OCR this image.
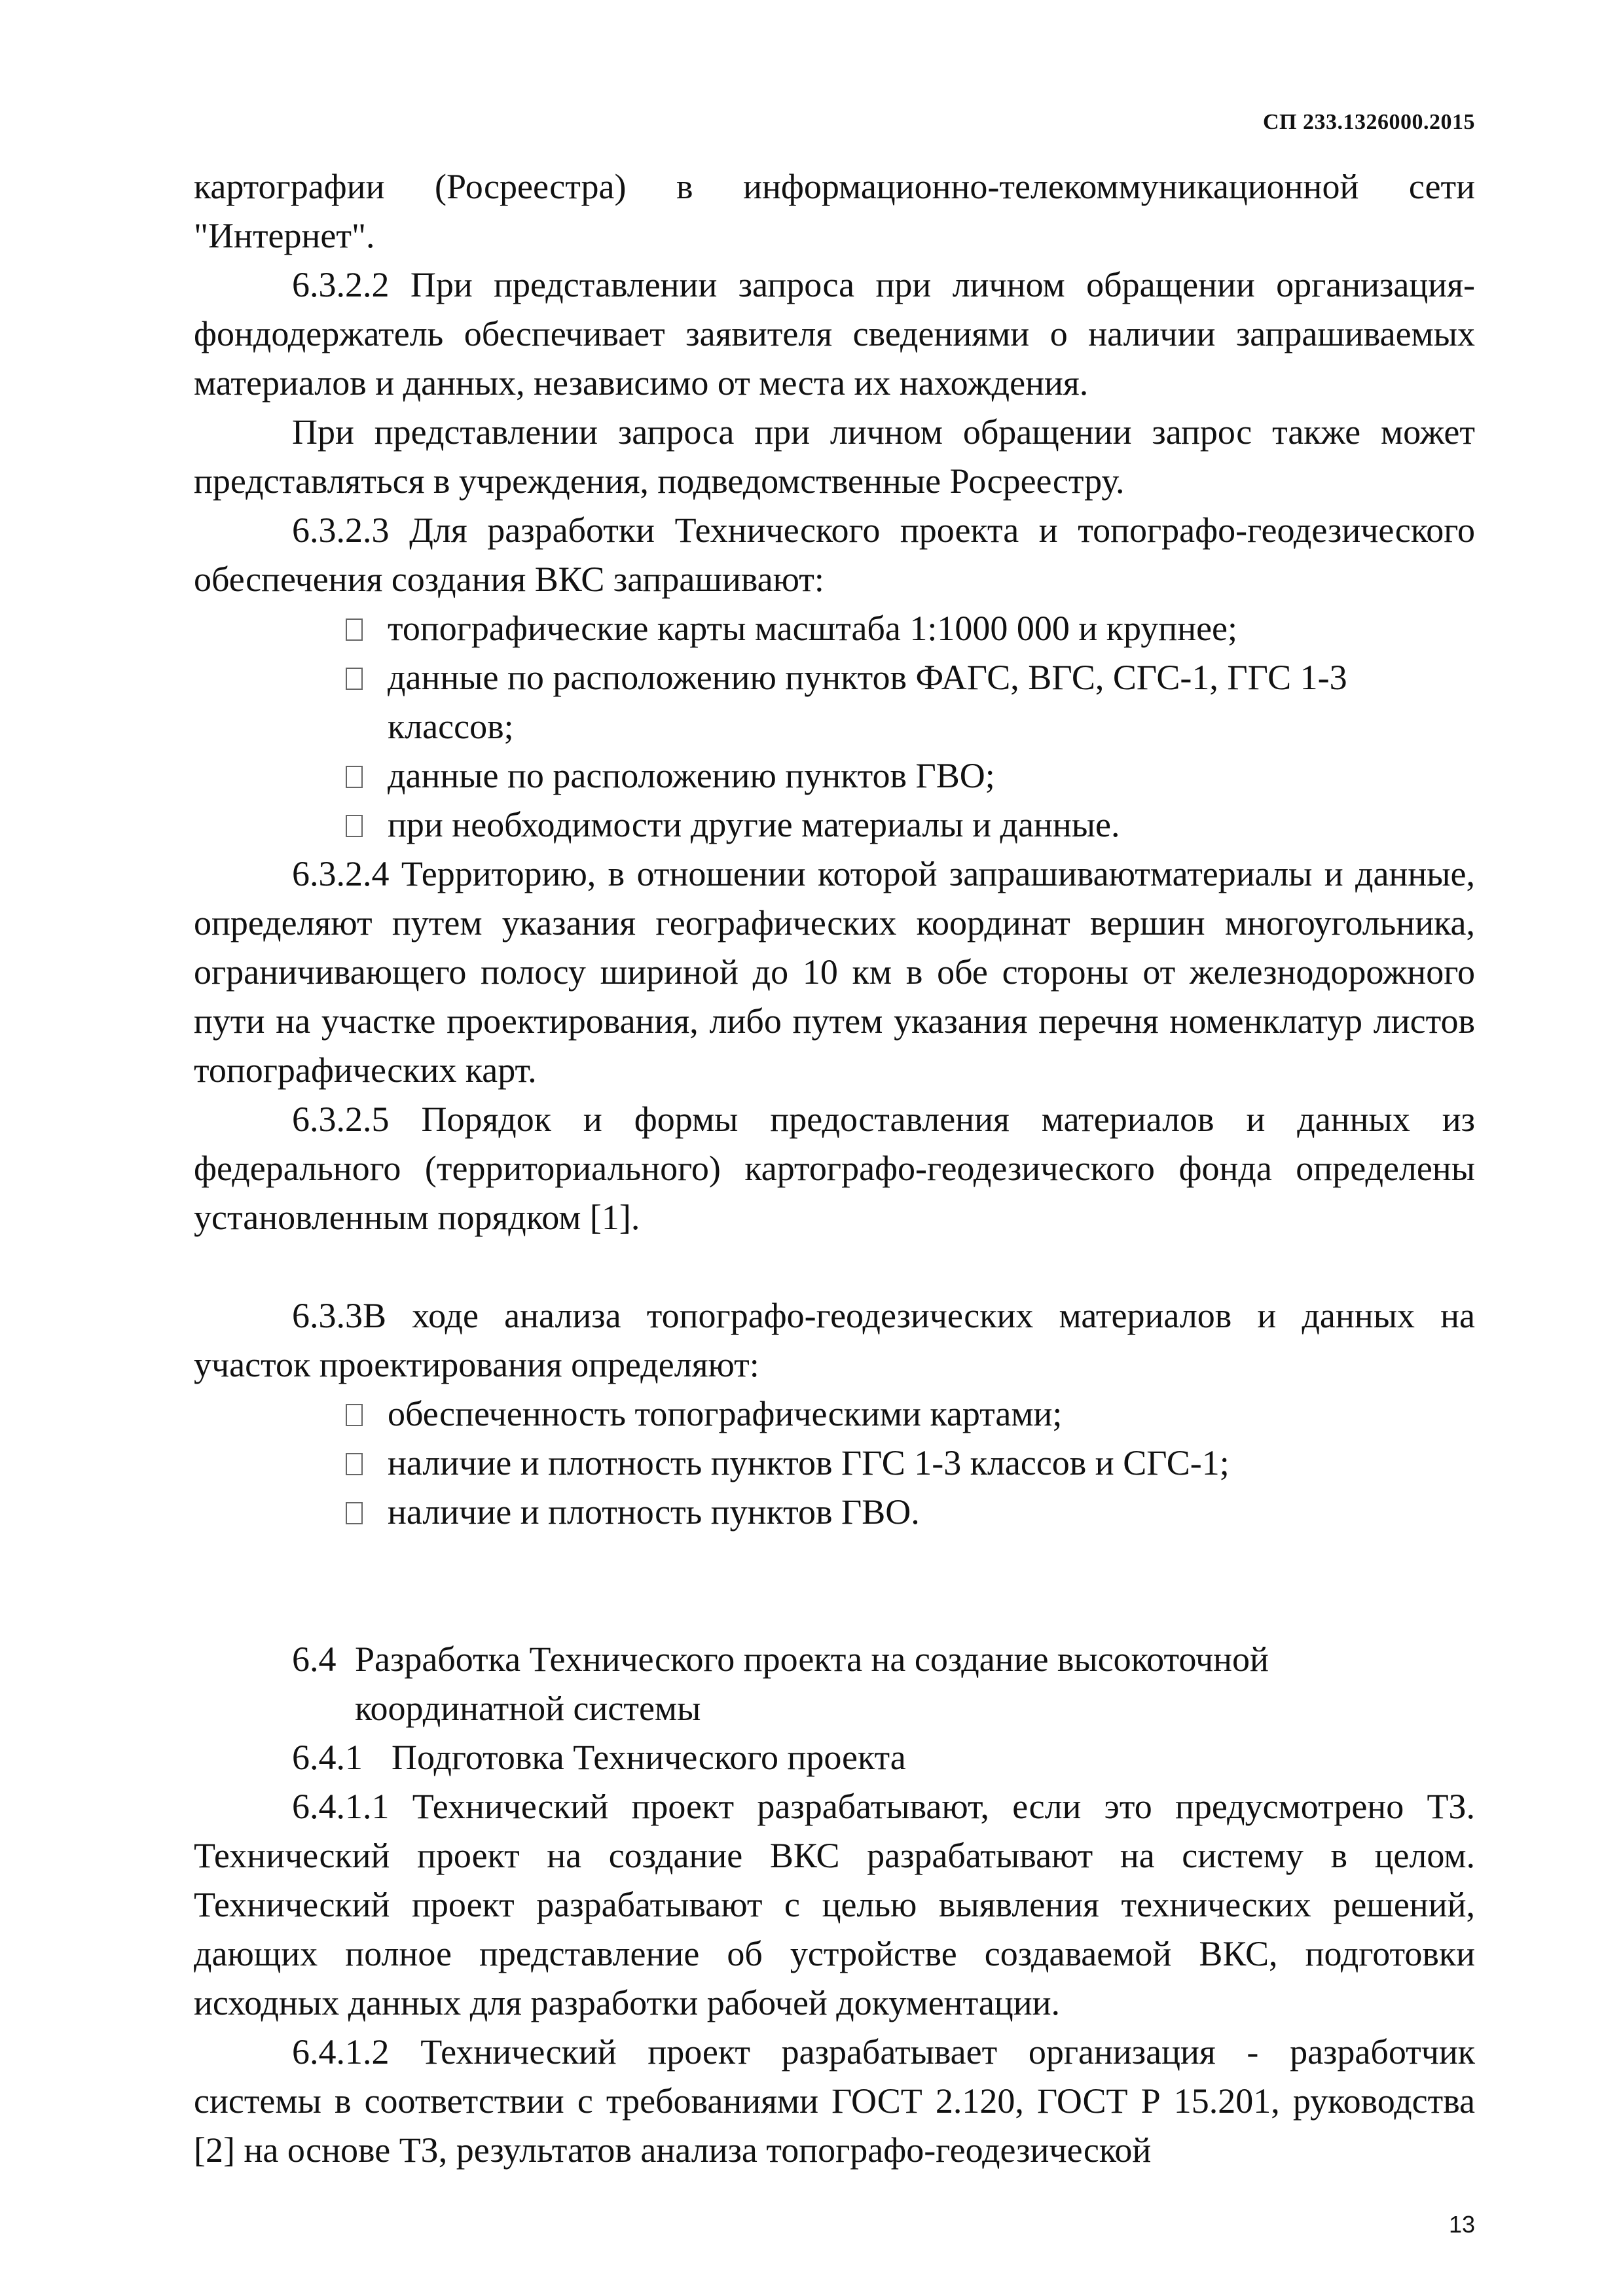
СП 233.1326000.2015

картографии (Росреестра) в информационно-телекоммуникационной сети "Интернет".

6.3.2.2 При представлении запроса при личном обращении организация-фондодержатель обеспечивает заявителя сведениями о наличии запрашиваемых материалов и данных, независимо от места их нахождения.

При представлении запроса при личном обращении запрос также может представляться в учреждения, подведомственные Росреестру.

6.3.2.3 Для разработки Технического проекта и топографо-геодезического обеспечения создания ВКС запрашивают:

топографические карты масштаба 1:1000 000 и крупнее;
данные по расположению пунктов ФАГС, ВГС, СГС-1, ГГС 1-3 классов;
данные по расположению пунктов ГВО;
при необходимости другие материалы и данные.

6.3.2.4 Территорию, в отношении которой запрашиваютматериалы и данные, определяют путем указания географических координат вершин многоугольника, ограничивающего полосу шириной до 10 км в обе стороны от железнодорожного пути на участке проектирования, либо путем указания перечня номенклатур листов топографических карт.

6.3.2.5 Порядок и формы предоставления материалов и данных из федерального (территориального) картографо-геодезического фонда определены установленным порядком [1].

6.3.3В ходе анализа топографо-геодезических материалов и данных на участок проектирования определяют:

обеспеченность топографическими картами;
наличие и плотность пунктов ГГС 1-3 классов и СГС-1;
наличие и плотность пунктов ГВО.
6.4 Разработка Технического проекта на создание высокоточной координатной системы
6.4.1 Подготовка Технического проекта

6.4.1.1 Технический проект разрабатывают, если это предусмотрено ТЗ. Технический проект на создание ВКС разрабатывают на систему в целом. Технический проект разрабатывают с целью выявления технических решений, дающих полное представление об устройстве создаваемой ВКС, подготовки исходных данных для разработки рабочей документации.

6.4.1.2 Технический проект разрабатывает организация - разработчик системы в соответствии с требованиями ГОСТ 2.120, ГОСТ Р 15.201, руководства [2] на основе ТЗ, результатов анализа топографо-геодезической

13
